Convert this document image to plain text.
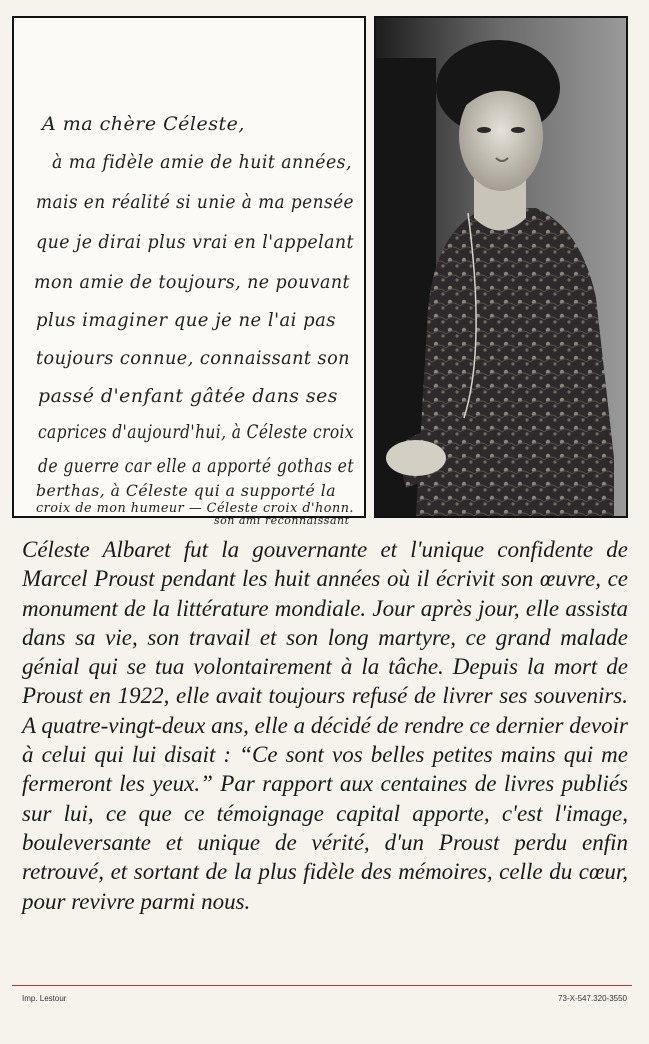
A ma chère Céleste,
à ma fidèle amie de huit années,
mais en réalité si unie à ma pensée
que je dirai plus vrai en l'appelant
mon amie de toujours, ne pouvant
plus imaginer que je ne l'ai pas
toujours connue, connaissant son
passé d'enfant gâtée dans ses
caprices d'aujourd'hui, à Céleste croix
de guerre car elle a apporté gothas et
berthas, à Céleste qui a supporté la
croix de mon humeur — Céleste croix d'honn.
son ami reconnaissant

Céleste Albaret fut la gouvernante et l'unique confidente de Marcel Proust pendant les huit années où il écrivit son œuvre, ce monument de la littérature mondiale. Jour après jour, elle assista dans sa vie, son travail et son long martyre, ce grand malade génial qui se tua volontairement à la tâche. Depuis la mort de Proust en 1922, elle avait toujours refusé de livrer ses souvenirs. A quatre-vingt-deux ans, elle a décidé de rendre ce dernier devoir à celui qui lui disait : “Ce sont vos belles petites mains qui me fermeront les yeux.” Par rapport aux centaines de livres publiés sur lui, ce que ce témoignage capital apporte, c'est l'image, bouleversante et unique de vérité, d'un Proust perdu enfin retrouvé, et sortant de la plus fidèle des mémoires, celle du cœur, pour revivre parmi nous.

Imp. Lestour	73-X-547.320-3550
